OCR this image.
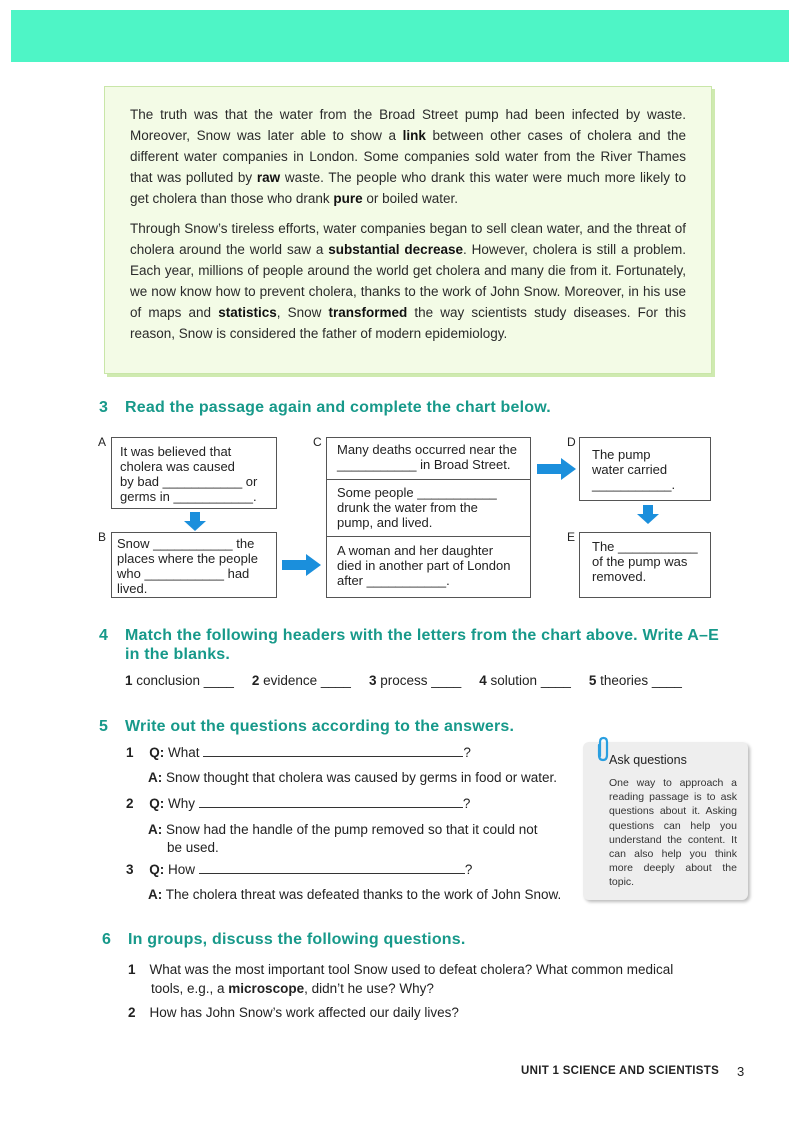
The truth was that the water from the Broad Street pump had been infected by waste. Moreover, Snow was later able to show a link between other cases of cholera and the different water companies in London. Some companies sold water from the River Thames that was polluted by raw waste. The people who drank this water were much more likely to get cholera than those who drank pure or boiled water.

Through Snow’s tireless efforts, water companies began to sell clean water, and the threat of cholera around the world saw a substantial decrease. However, cholera is still a problem. Each year, millions of people around the world get cholera and many die from it. Fortunately, we now know how to prevent cholera, thanks to the work of John Snow. Moreover, in his use of maps and statistics, Snow transformed the way scientists study diseases. For this reason, Snow is considered the father of modern epidemiology.

3 Read the passage again and complete the chart below.
A
It was believed that
cholera was caused
by bad ___________ or
germs in ___________.
B Snow ___________ the
places where the people
who ___________ had
lived.
C Many deaths occurred near the
___________ in Broad Street.
Some people ___________
drunk the water from the
pump, and lived.
A woman and her daughter
died in another part of London
after ___________.
D
The pump
water carried
___________.
E
The ___________
of the pump was
removed.
4 Match the following headers with the letters from the chart above. Write A–E
in the blanks.
1 conclusion ____ 2 evidence ____ 3 process ____ 4 solution ____ 5 theories ____
5 Write out the questions according to the answers.
1 Q: What	?
A: Snow thought that cholera was caused by germs in food or water.
2 Q: Why	?
A: Snow had the handle of the pump removed so that it could not
be used.
3 Q: How	?
A: The cholera threat was defeated thanks to the work of John Snow.
Ask questions
One way to approach a reading passage is to ask questions about it. Asking questions can help you understand the content. It can also help you think more deeply about the topic.
6 In groups, discuss the following questions.
1 What was the most important tool Snow used to defeat cholera? What common medical
tools, e.g., a microscope, didn’t he use? Why?
2 How has John Snow’s work affected our daily lives?
UNIT 1 SCIENCE AND SCIENTISTS 3
